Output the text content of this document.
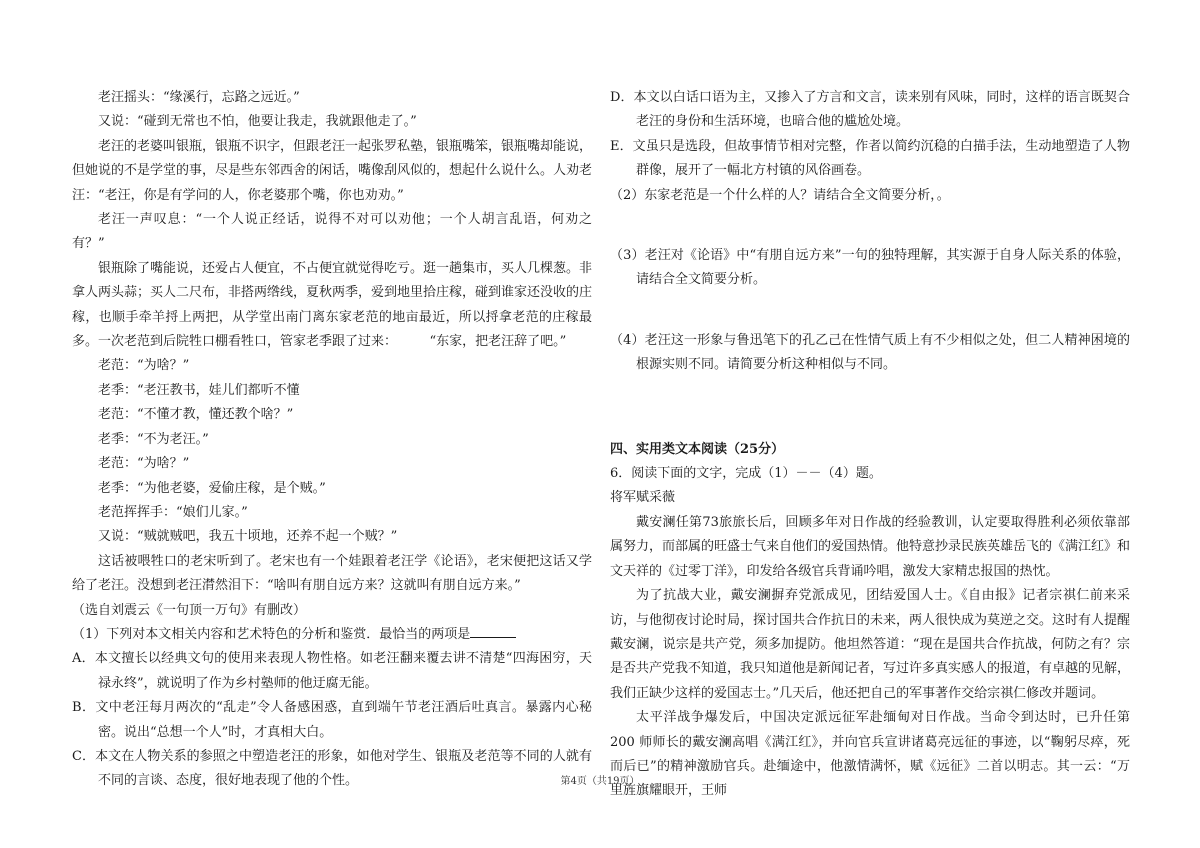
老汪摇头：“缘溪行，忘路之远近。”

又说：“碰到无常也不怕，他要让我走，我就跟他走了。”

老汪的老婆叫银瓶，银瓶不识字，但跟老汪一起张罗私塾，银瓶嘴笨，银瓶嘴却能说，但她说的不是学堂的事，尽是些东邻西舍的闲话，嘴像刮风似的，想起什么说什么。人劝老汪：“老汪，你是有学问的人，你老婆那个嘴，你也劝劝。”

老汪一声叹息：“一个人说正经话，说得不对可以劝他；一个人胡言乱语，何劝之有？”

银瓶除了嘴能说，还爱占人便宜，不占便宜就觉得吃亏。逛一趟集市，买人几棵葱。非拿人两头蒜；买人二尺布，非搭两绺线，夏秋两季，爱到地里拾庄稼，碰到谁家还没收的庄稼，也顺手牵羊捋上两把，从学堂出南门离东家老范的地亩最近，所以捋拿老范的庄稼最多。一次老范到后院牲口棚看牲口，管家老季跟了过来：　　　	“东家，把老汪辞了吧。”

老范：“为啥？”

老季：“老汪教书，娃儿们都听不懂

老范：“不懂才教，懂还教个啥？”

老季：“不为老汪。”

老范：“为啥？”

老季：“为他老婆，爱偷庄稼，是个贼。”

老范挥挥手：“娘们儿家。”

又说：“贼就贼吧，我五十顷地，还养不起一个贼？”

这话被喂牲口的老宋听到了。老宋也有一个娃跟着老汪学《论语》，老宋便把这话又学给了老汪。没想到老汪潸然泪下：“啥叫有朋自远方来？这就叫有朋自远方来。”

（选自刘震云《一句顶一万句》有删改）

（1）下列对本文相关内容和艺术特色的分析和鉴赏．最恰当的两项是

A．本文擅长以经典文句的使用来表现人物性格。如老汪翻来覆去讲不清楚“四海困穷，天禄永终”，就说明了作为乡村塾师的他迂腐无能。

B．文中老汪每月两次的“乱走”令人备感困惑，直到端午节老汪酒后吐真言。暴露内心秘密。说出“总想一个人”时，才真相大白。

C．本文在人物关系的参照之中塑造老汪的形象，如他对学生、银瓶及老范等不同的人就有不同的言谈、态度，很好地表现了他的个性。

D．本文以白话口语为主，又掺入了方言和文言，读来别有风味，同时，这样的语言既契合老汪的身份和生活环境，也暗合他的尴尬处境。

E．文虽只是选段，但故事情节相对完整，作者以简约沉稳的白描手法，生动地塑造了人物群像，展开了一幅北方村镇的风俗画卷。

（2）东家老范是一个什么样的人？请结合全文简要分析，。

（3）老汪对《论语》中“有朋自远方来”一句的独特理解，其实源于自身人际关系的体验，请结合全文简要分析。

（4）老汪这一形象与鲁迅笔下的孔乙己在性情气质上有不少相似之处，但二人精神困境的根源实则不同。请简要分析这种相似与不同。

四、实用类文本阅读（25分）

6．阅读下面的文字，完成（1）－－（4）题。

将军赋采薇

戴安澜任第73旅旅长后，回顾多年对日作战的经验教训，认定要取得胜利必须依靠部属努力，而部属的旺盛士气来自他们的爱国热情。他特意抄录民族英雄岳飞的《满江红》和文天祥的《过零丁洋》，印发给各级官兵背诵吟唱，激发大家精忠报国的热忱。

为了抗战大业，戴安澜摒弃党派成见，团结爱国人士。《自由报》记者宗祺仁前来采访，与他彻夜讨论时局，探讨国共合作抗日的未来，两人很快成为莫逆之交。这时有人提醒戴安澜，说宗是共产党，须多加提防。他坦然答道：“现在是国共合作抗战，何防之有？宗是否共产党我不知道，我只知道他是新闻记者，写过许多真实感人的报道，有卓越的见解，我们正缺少这样的爱国志士。”几天后，他还把自己的军事著作交给宗祺仁修改并题词。

太平洋战争爆发后，中国决定派远征军赴缅甸对日作战。当命令到达时，已升任第 200 师师长的戴安澜高唱《满江红》，并向官兵宣讲诸葛亮远征的事迹，以“鞠躬尽瘁，死而后已”的精神激励官兵。赴缅途中，他激情满怀，赋《远征》二首以明志。其一云：“万里旌旗耀眼开，王师

第4页（共19页）
